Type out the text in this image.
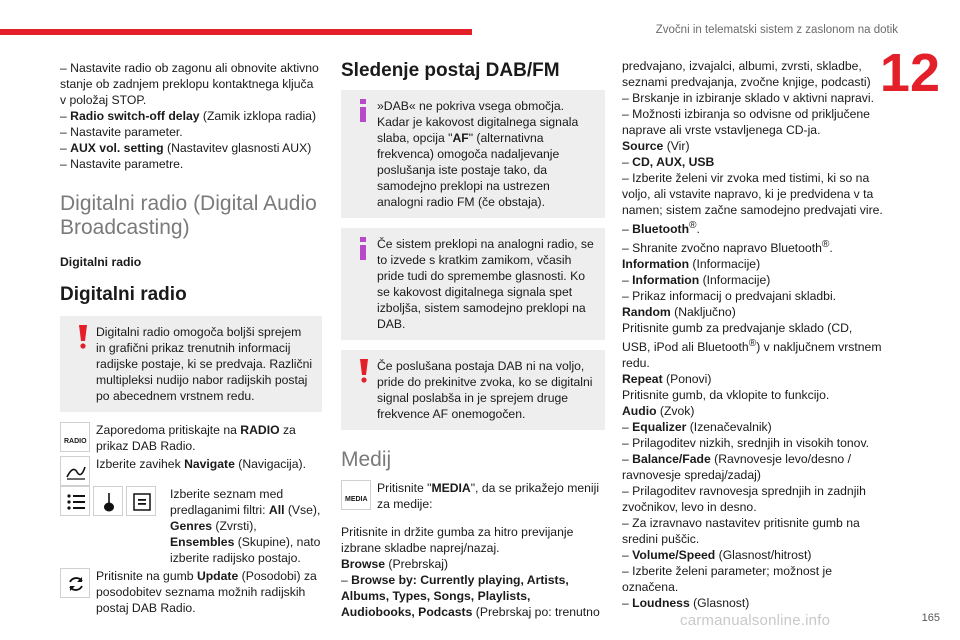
Zvočni in telematski sistem z zaslonom na dotik
12
carmanualsonline.info	165

– Nastavite radio ob zagonu ali obnovite aktivno stanje ob zadnjem preklopu kontaktnega ključa v položaj STOP.

– Radio switch-off delay (Zamik izklopa radia)

– Nastavite parameter.

– AUX vol. setting (Nastavitev glasnosti AUX)

– Nastavite parametre.

Digitalni radio (Digital Audio Broadcasting)

Digitalni radio

Digitalni radio

Digitalni radio omogoča boljši sprejem in grafični prikaz trenutnih informacij radijske postaje, ki se predvaja. Različni multipleksi nudijo nabor radijskih postaj po abecednem vrstnem redu.

RADIO

Zaporedoma pritiskajte na RADIO za prikaz DAB Radio.

Izberite zavihek Navigate (Navigacija).

Izberite seznam med predlaganimi filtri: All (Vse), Genres (Zvrsti), Ensembles (Skupine), nato izberite radijsko postajo.

Pritisnite na gumb Update (Posodobi) za posodobitev seznama možnih radijskih postaj DAB Radio.

Sledenje postaj DAB/FM

»DAB« ne pokriva vsega območja. Kadar je kakovost digitalnega signala slaba, opcija "AF" (alternativna frekvenca) omogoča nadaljevanje poslušanja iste postaje tako, da samodejno preklopi na ustrezen analogni radio FM (če obstaja).

Če sistem preklopi na analogni radio, se to izvede s kratkim zamikom, včasih pride tudi do spremembe glasnosti. Ko se kakovost digitalnega signala spet izboljša, sistem samodejno preklopi na DAB.

Če poslušana postaja DAB ni na voljo, pride do prekinitve zvoka, ko se digitalni signal poslabša in je sprejem druge frekvence AF onemogočen.

Medij
MEDIA

Pritisnite "MEDIA", da se prikažejo meniji za medije:

Pritisnite in držite gumba za hitro previjanje izbrane skladbe naprej/nazaj.

Browse (Prebrskaj)

– Browse by: Currently playing, Artists, Albums, Types, Songs, Playlists, Audiobooks, Podcasts (Prebrskaj po: trenutno

predvajano, izvajalci, albumi, zvrsti, skladbe, seznami predvajanja, zvočne knjige, podcasti)

– Brskanje in izbiranje sklado v aktivni napravi.

– Možnosti izbiranja so odvisne od priključene naprave ali vrste vstavljenega CD-ja.

Source (Vir)

– CD, AUX, USB

– Izberite želeni vir zvoka med tistimi, ki so na voljo, ali vstavite napravo, ki je predvidena v ta namen; sistem začne samodejno predvajati vire.

– Bluetooth®.

– Shranite zvočno napravo Bluetooth®.

Information (Informacije)

– Information (Informacije)

– Prikaz informacij o predvajani skladbi.

Random (Naključno)

Pritisnite gumb za predvajanje sklado (CD, USB, iPod ali Bluetooth®) v naključnem vrstnem redu.

Repeat (Ponovi)

Pritisnite gumb, da vklopite to funkcijo.

Audio (Zvok)

– Equalizer (Izenačevalnik)

– Prilagoditev nizkih, srednjih in visokih tonov.

– Balance/Fade (Ravnovesje levo/desno / ravnovesje spredaj/zadaj)

– Prilagoditev ravnovesja sprednjih in zadnjih zvočnikov, levo in desno.

– Za izravnavo nastavitev pritisnite gumb na sredini puščic.

– Volume/Speed (Glasnost/hitrost)

– Izberite želeni parameter; možnost je označena.

– Loudness (Glasnost)
